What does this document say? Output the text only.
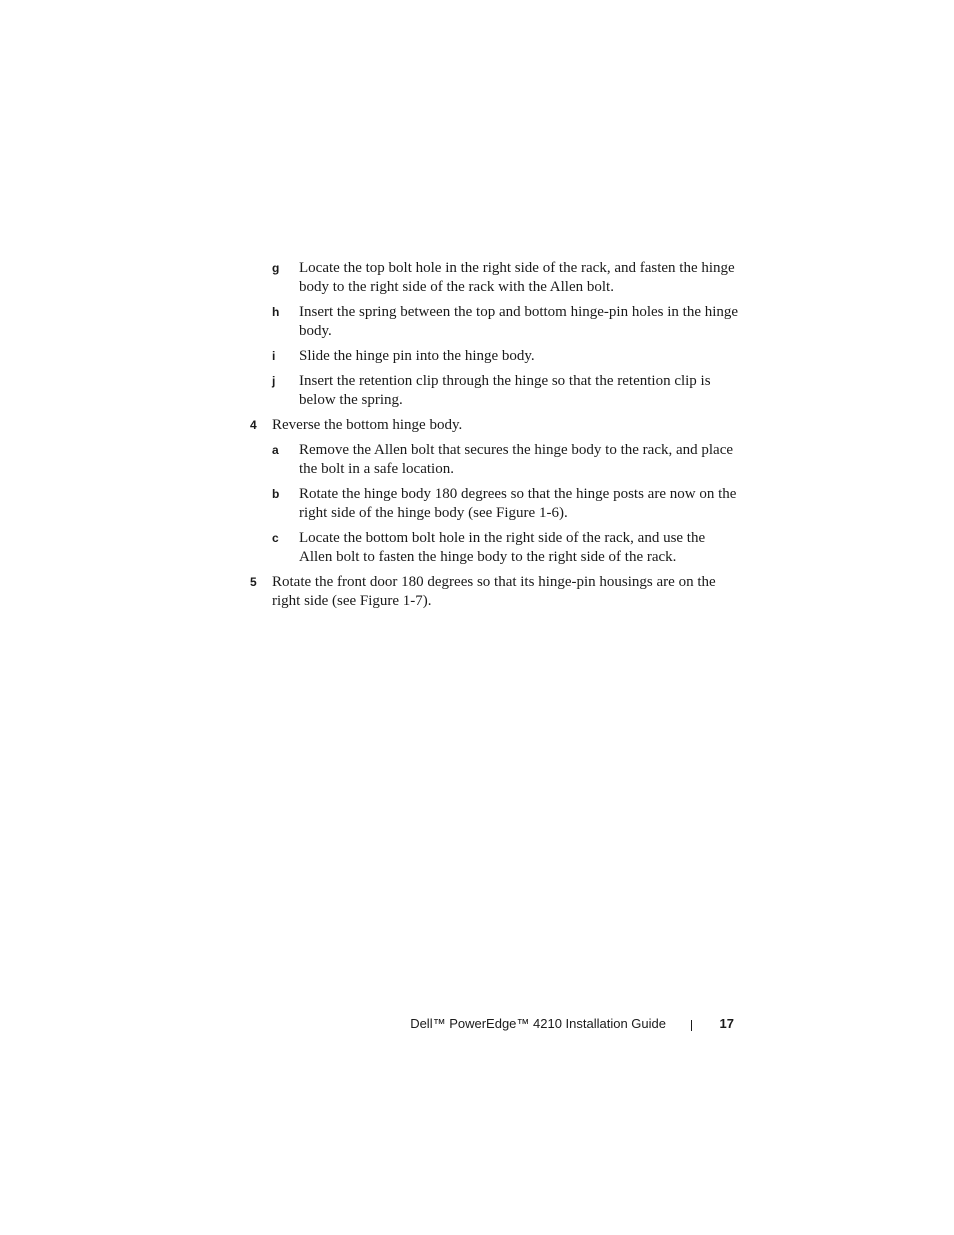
g Locate the top bolt hole in the right side of the rack, and fasten the hinge body to the right side of the rack with the Allen bolt.
h Insert the spring between the top and bottom hinge-pin holes in the hinge body.
i Slide the hinge pin into the hinge body.
j Insert the retention clip through the hinge so that the retention clip is below the spring.
4 Reverse the bottom hinge body.
a Remove the Allen bolt that secures the hinge body to the rack, and place the bolt in a safe location.
b Rotate the hinge body 180 degrees so that the hinge posts are now on the right side of the hinge body (see Figure 1-6).
c Locate the bottom bolt hole in the right side of the rack, and use the Allen bolt to fasten the hinge body to the right side of the rack.
5 Rotate the front door 180 degrees so that its hinge-pin housings are on the right side (see Figure 1-7).
Dell™ PowerEdge™ 4210 Installation Guide	17
